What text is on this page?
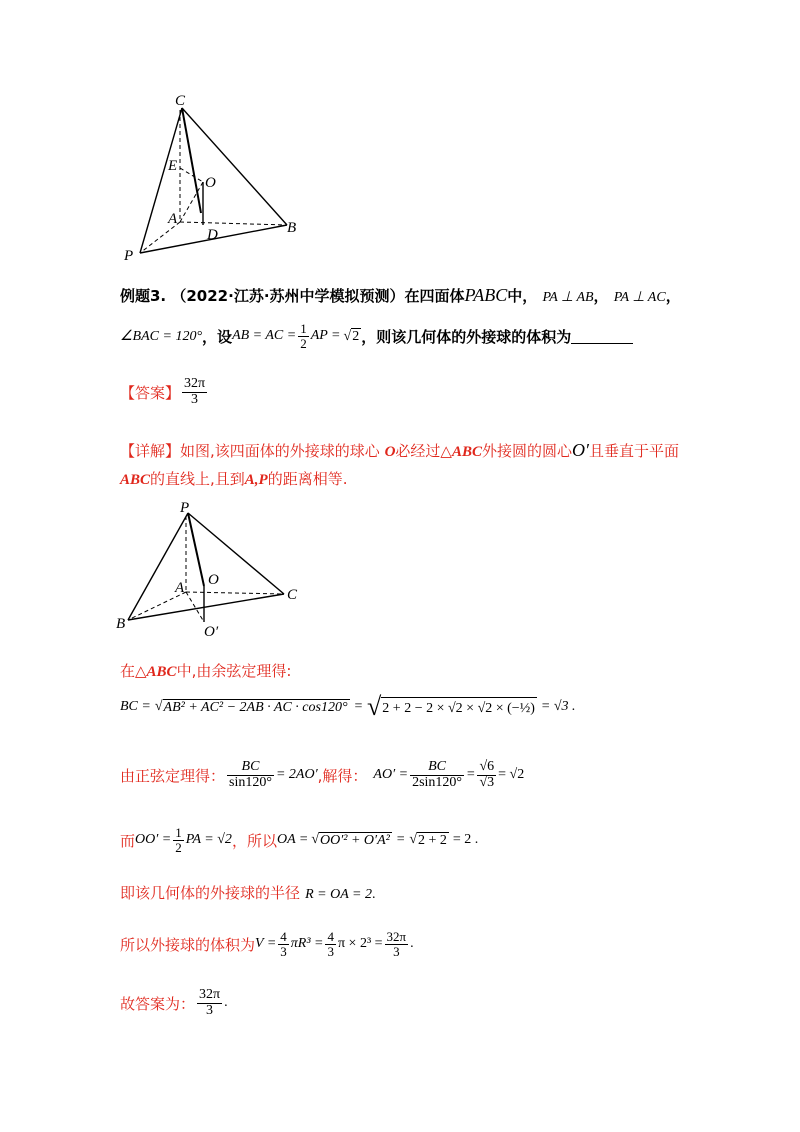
C
E
O
A
D	B
P
例题3. （2022·江苏·苏州中学模拟预测）在四面体PABC中， PA ⊥ AB， PA ⊥ AC，
∠BAC = 120° ，设 AB = AC = $\frac{1}{2}$ AP = √2 ，则该几何体的外接球的体积为
【答案】 $\frac{32\pi}{3}$
【详解】如图,该四面体的外接球的球心 O必经过△ABC外接圆的圆心O′且垂直于平面
ABC的直线上,且到A,P的距离相等.
P
A O
C
B	O′
在△ABC中,由余弦定理得:
BC = √ AB² + AC² − 2AB · AC · cos120° = √ 2 + 2 − 2 × √2 × √2 × (−½) = √3 .
由正弦定理得： $\frac{BC}{\sin 120^\circ} = 2AO'$ ,解得： $AO' = \frac{BC}{2\sin 120^\circ} = \frac{√6}{√3} = √2$
而 $OO' = \frac{1}{2}$ PA = √2 ，所以 OA = √ OO′² + O′A² = √ 2 + 2 = 2 .
即该几何体的外接球的半径 R = OA = 2.
所以外接球的体积为 $V = \frac{4}{3} \pi R^3 = \frac{4}{3}$ $\pi \times 2^3 = \frac{32\pi}{3}$ .
故答案为： $\frac{32\pi}{3}$ .
